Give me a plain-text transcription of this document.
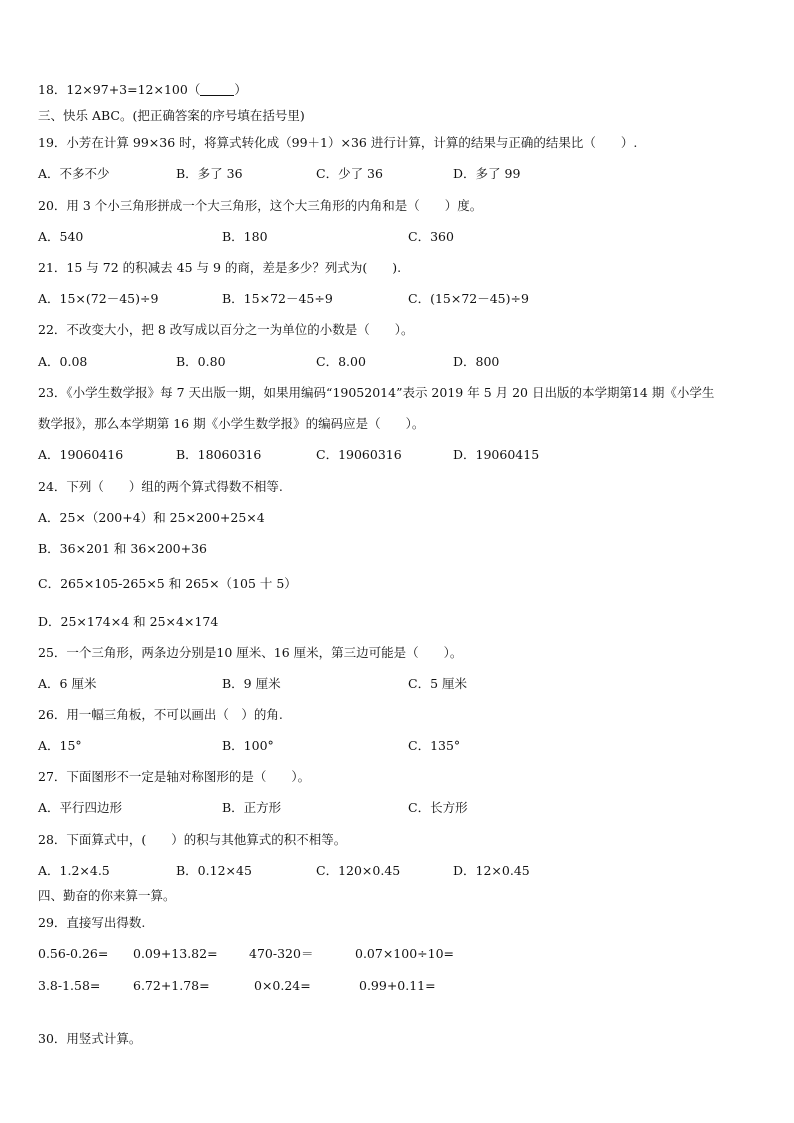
18．12×97+3=12×100（	）
三、快乐 ABC。(把正确答案的序号填在括号里)
19．小芳在计算 99×36 时，将算式转化成（99＋1）×36 进行计算，计算的结果与正确的结果比（　　）.
A．不多不少	B．多了 36	C．少了 36	D．多了 99
20．用 3 个小三角形拼成一个大三角形，这个大三角形的内角和是（　　）度。
A．540	B．180	C．360
21．15 与 72 的积减去 45 与 9 的商，差是多少？列式为(　　).
A．15×(72－45)÷9	B．15×72－45÷9	C．(15×72－45)÷9
22．不改变大小，把 8 改写成以百分之一为单位的小数是（　　）。
A．0.08	B．0.80	C．8.00	D．800
23．《小学生数学报》每 7 天出版一期，如果用编码“19052014”表示 2019 年 5 月 20 日出版的本学期第14 期《小学生
数学报》，那么本学期第 16 期《小学生数学报》的编码应是（　　）。
A．19060416	B．18060316	C．19060316	D．19060415
24．下列（　　）组的两个算式得数不相等.
A．25×（200+4）和 25×200+25×4
B．36×201 和 36×200+36
C．265×105-265×5 和 265×（105 十 5）
D．25×174×4 和 25×4×174
25．一个三角形，两条边分别是10 厘米、16 厘米，第三边可能是（　　）。
A．6 厘米	B．9 厘米	C．5 厘米
26．用一幅三角板，不可以画出（　）的角.
A．15°	B．100°	C．135°
27．下面图形不一定是轴对称图形的是（　　）。
A．平行四边形	B．正方形	C．长方形
28．下面算式中，(　　）的积与其他算式的积不相等。
A．1.2×4.5	B．0.12×45	C．120×0.45	D．12×0.45
四、勤奋的你来算一算。
29．直接写出得数.
0.56-0.26= 0.09+13.82=	470-320＝	0.07×100÷10=
3.8-1.58=	6.72+1.78=	0×0.24=	0.99+0.11=
30．用竖式计算。
